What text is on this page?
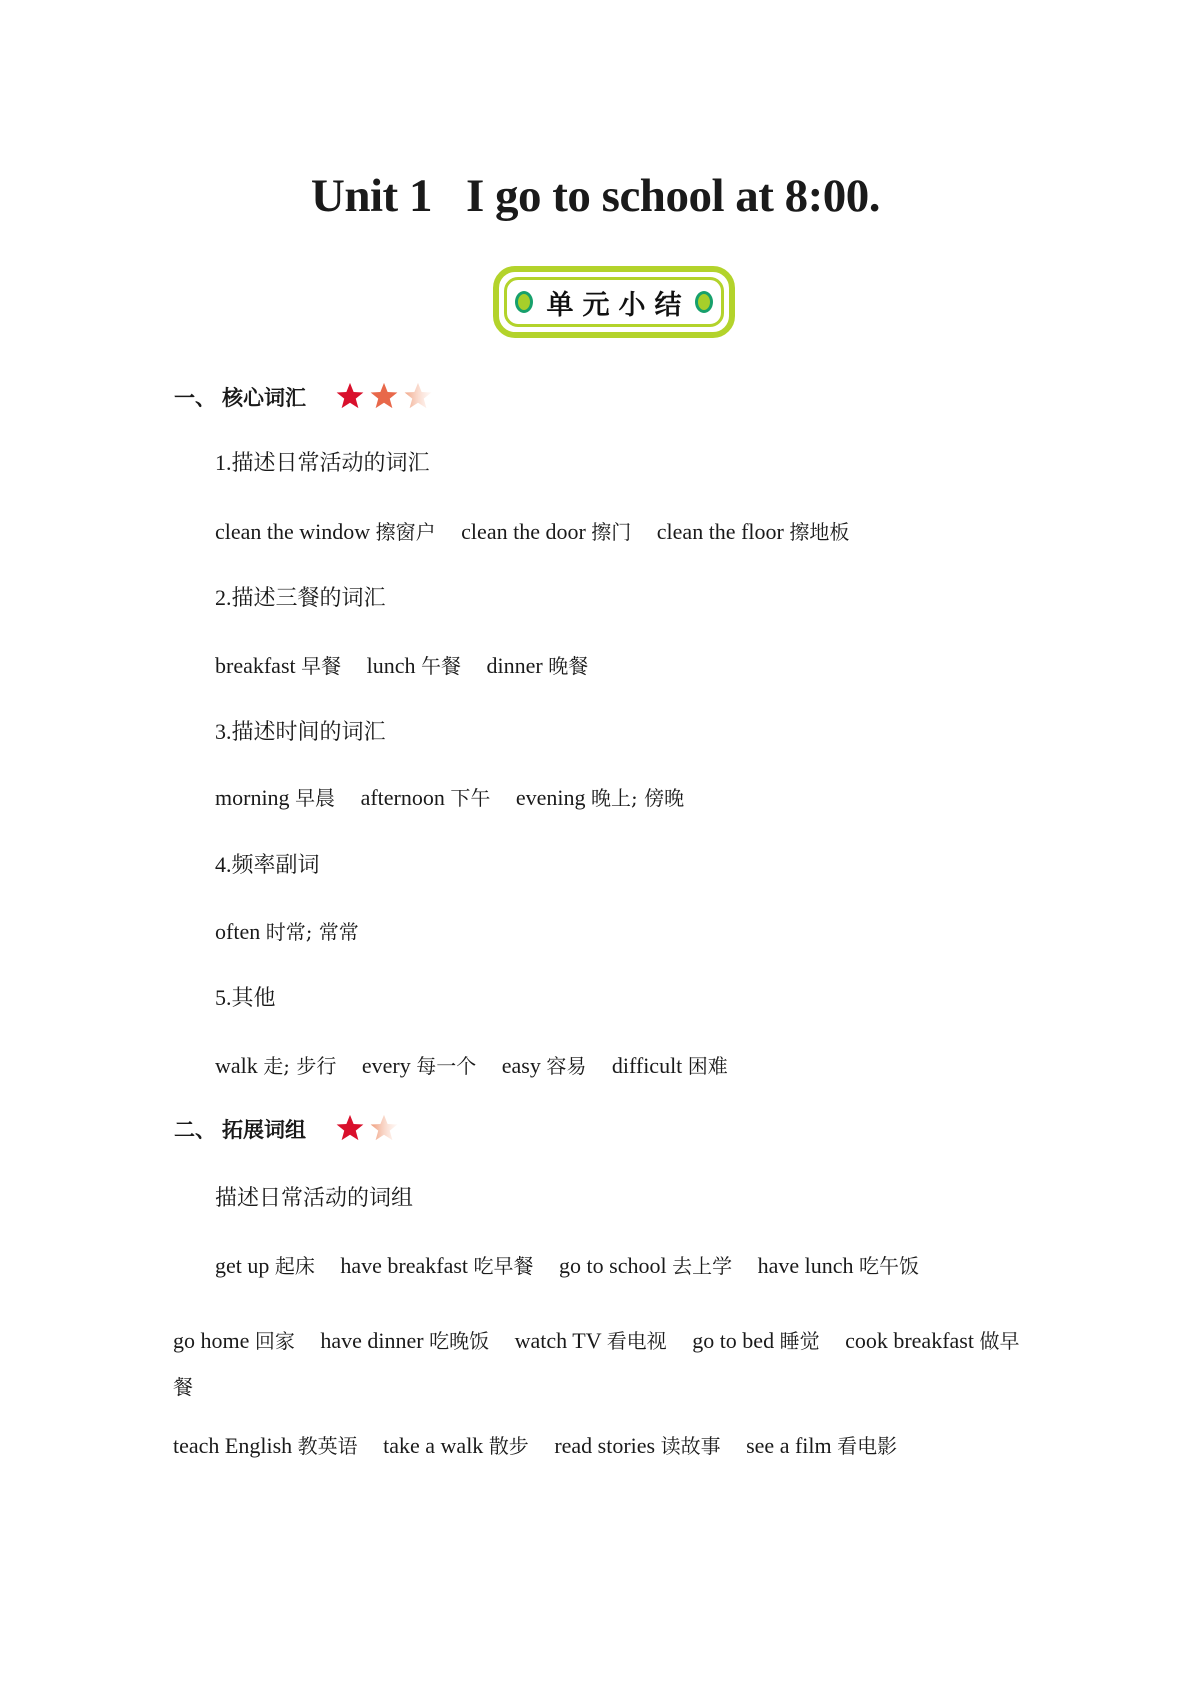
Unit 1 I go to school at 8:00.
单元小结
一、 核心词汇
1.描述日常活动的词汇
clean the window 擦窗户 clean the door 擦门 clean the floor 擦地板
2.描述三餐的词汇
breakfast 早餐 lunch 午餐 dinner 晚餐
3.描述时间的词汇
morning 早晨 afternoon 下午 evening 晚上; 傍晚
4.频率副词
often 时常; 常常
5.其他
walk 走; 步行 every 每一个 easy 容易 difficult 困难
二、 拓展词组
描述日常活动的词组
get up 起床 have breakfast 吃早餐 go to school 去上学 have lunch 吃午饭
go home 回家 have dinner 吃晚饭 watch TV 看电视 go to bed 睡觉 cook breakfast 做早餐
teach English 教英语 take a walk 散步 read stories 读故事 see a film 看电影
